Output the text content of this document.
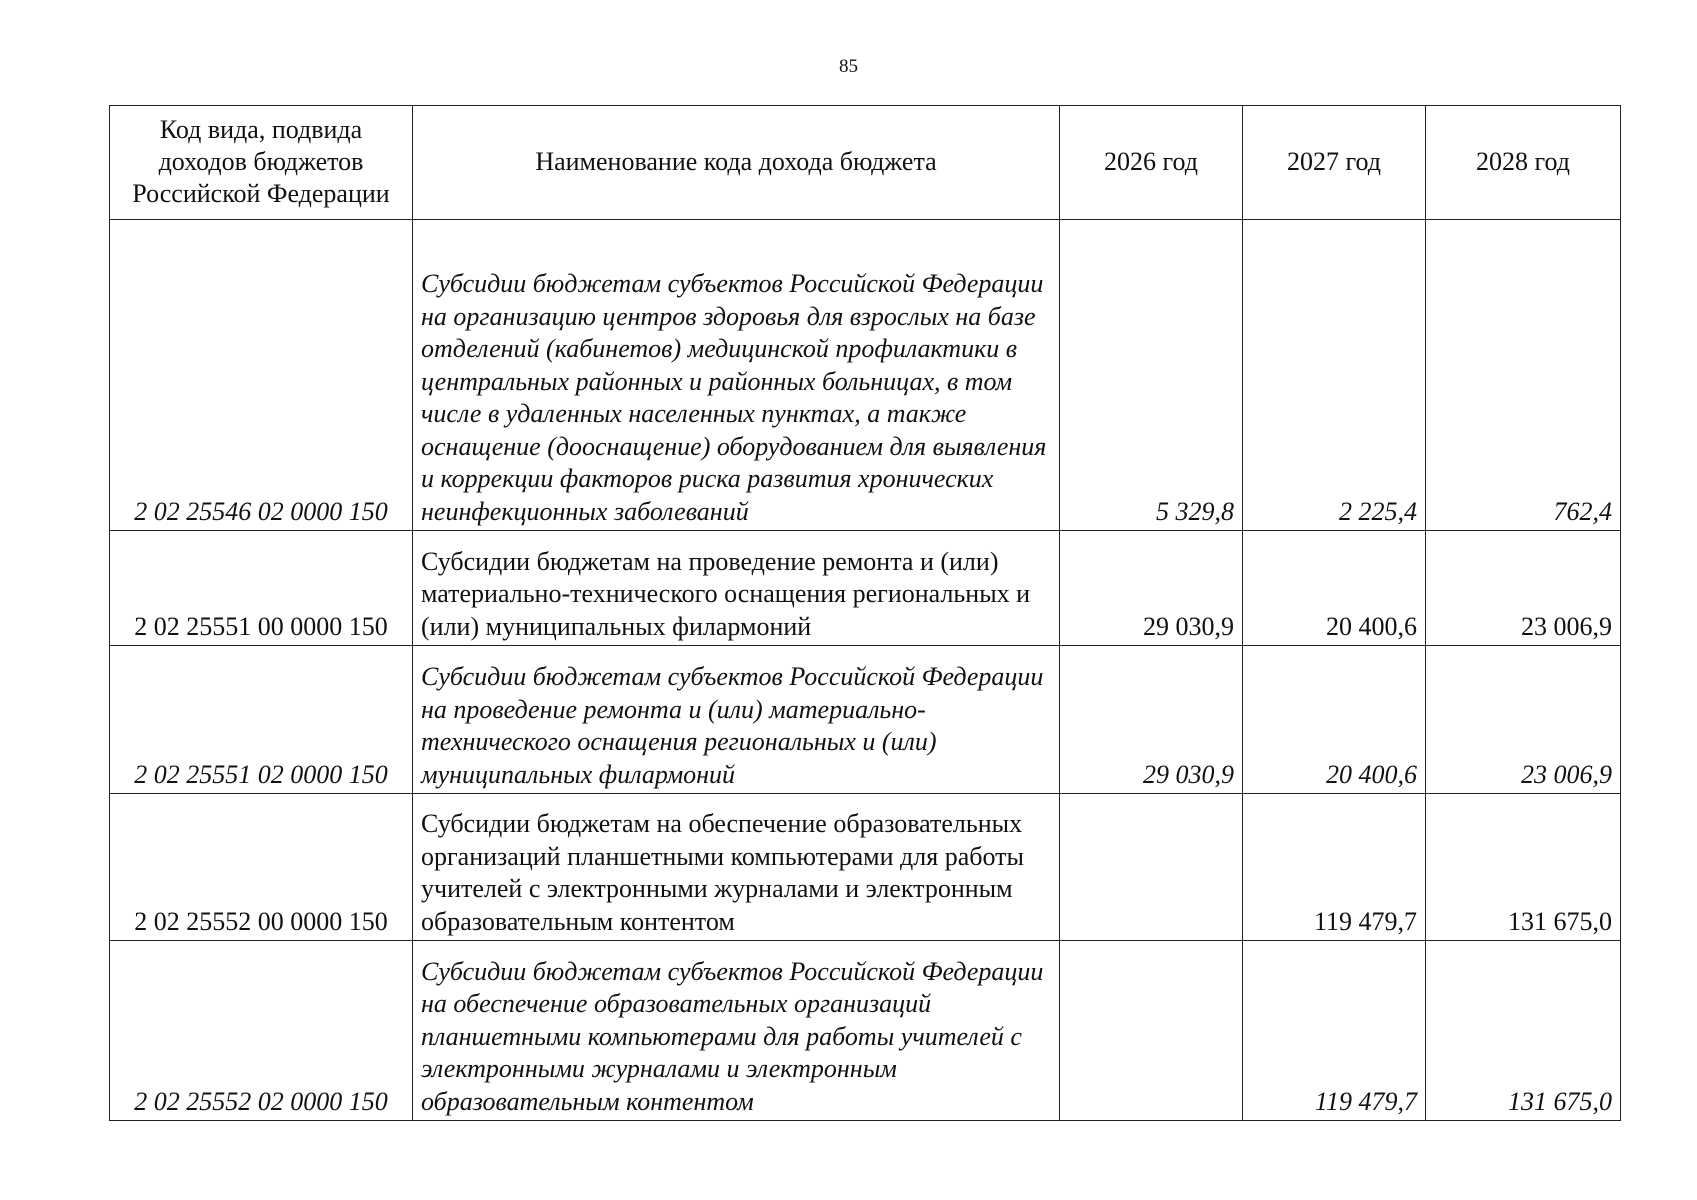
85
Код вида, подвида доходов бюджетов Российской Федерации	Наименование кода дохода бюджета	2026 год	2027 год	2028 год
2 02 25546 02 0000 150	Субсидии бюджетам субъектов Российской Федерации на организацию центров здоровья для взрослых на базе отделений (кабинетов) медицинской профилактики в центральных районных и районных больницах, в том числе в удаленных населенных пунктах, а также оснащение (дооснащение) оборудованием для выявления и коррекции факторов риска развития хронических неинфекционных заболеваний	5 329,8	2 225,4	762,4
2 02 25551 00 0000 150	Субсидии бюджетам на проведение ремонта и (или) материально-технического оснащения региональных и (или) муниципальных филармоний	29 030,9	20 400,6	23 006,9
2 02 25551 02 0000 150	Субсидии бюджетам субъектов Российской Федерации на проведение ремонта и (или) материально-технического оснащения региональных и (или) муниципальных филармоний	29 030,9	20 400,6	23 006,9
2 02 25552 00 0000 150	Субсидии бюджетам на обеспечение образовательных организаций планшетными компьютерами для работы учителей с электронными журналами и электронным образовательным контентом		119 479,7	131 675,0
2 02 25552 02 0000 150	Субсидии бюджетам субъектов Российской Федерации на обеспечение образовательных организаций планшетными компьютерами для работы учителей с электронными журналами и электронным образовательным контентом		119 479,7	131 675,0
